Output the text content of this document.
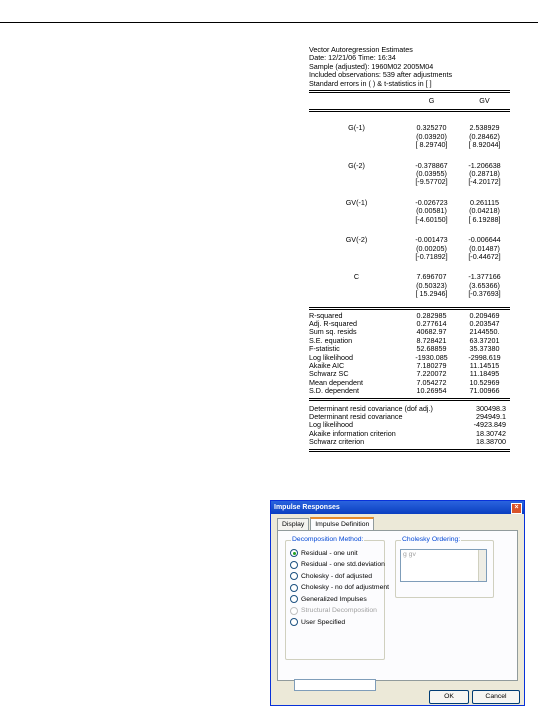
Vector Autoregression Estimates
Date: 12/21/06 Time: 16:34
Sample (adjusted): 1960M02 2005M04
Included observations: 539 after adjustments
Standard errors in ( ) & t-statistics in [ ]
G	GV
G(-1)	0.325270	2.538929
(0.03920)	(0.28462)
[ 8.29740]	[ 8.92044]
G(-2)	-0.378867	-1.206638
(0.03955)	(0.28718)
[-9.57702]	[-4.20172]
GV(-1)	-0.026723	0.261115
(0.00581)	(0.04218)
[-4.60150]	[ 6.19288]
GV(-2)	-0.001473	-0.006644
(0.00205)	(0.01487)
[-0.71892]	[-0.44672]
C	7.696707	-1.377166
(0.50323)	(3.65366)
[ 15.2946]	[-0.37693]
R-squared	0.282985	0.209469
Adj. R-squared	0.277614	0.203547
Sum sq. resids	40682.97	2144550.
S.E. equation	8.728421	63.37201
F-statistic	52.68859	35.37380
Log likelihood	-1930.085	-2998.619
Akaike AIC	7.180279	11.14515
Schwarz SC	7.220072	11.18495
Mean dependent	7.054272	10.52969
S.D. dependent	10.26954	71.00966
Determinant resid covariance (dof adj.)	300498.3
Determinant resid covariance	294949.1
Log likelihood	-4923.849
Akaike information criterion	18.30742
Schwarz criterion	18.38700
Impulse Responses	×
Display	Impulse Definition
Decomposition Method:
Residual - one unit
Residual - one std.deviation
Cholesky - dof adjusted
Cholesky - no dof adjustment
Generalized Impulses
Structural Decomposition
User Specified
Cholesky Ordering:
g gv
OK	Cancel
